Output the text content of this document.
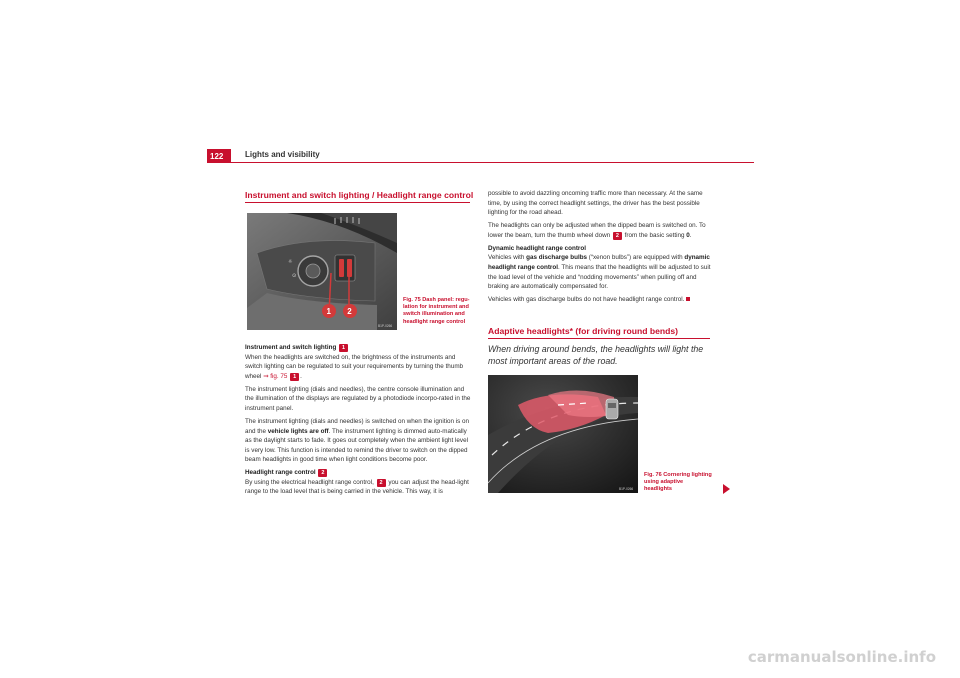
122	Lights and visibility
Instrument and switch lighting / Headlight range control
☼
⊙
1 2
B1P-0266
Fig. 75 Dash panel: regu-lation for instrument and switch illumination and headlight range control

Instrument and switch lighting 1

When the headlights are switched on, the brightness of the instruments and switch lighting can be regulated to suit your requirements by turning the thumb wheel ⇒ fig. 75 1 .

The instrument lighting (dials and needles), the centre console illumination and the illumination of the displays are regulated by a photodiode incorpo-rated in the instrument panel.

The instrument lighting (dials and needles) is switched on when the ignition is on and the vehicle lights are off. The instrument lighting is dimmed auto-matically as the daylight starts to fade. It goes out completely when the ambient light level is very low. This function is intended to remind the driver to switch on the dipped beam headlights in good time when light conditions become poor.

Headlight range control 2

By using the electrical headlight range control, 2 you can adjust the head-light range to the load level that is being carried in the vehicle. This way, it is

possible to avoid dazzling oncoming traffic more than necessary. At the same time, by using the correct headlight settings, the driver has the best possible lighting for the road ahead.

The headlights can only be adjusted when the dipped beam is switched on. To lower the beam, turn the thumb wheel down 2 from the basic setting 0.

Dynamic headlight range control

Vehicles with gas discharge bulbs (“xenon bulbs”) are equipped with dynamic headlight range control. This means that the headlights will be adjusted to suit the load level of the vehicle and “nodding movements” when pulling off and braking are automatically compensated for.

Vehicles with gas discharge bulbs do not have headlight range control.

Adaptive headlights* (for driving round bends)
When driving around bends, the headlights will light the most important areas of the road.
B1P-0266
Fig. 76 Cornering lighting using adaptive headlights
carmanualsonline.info
